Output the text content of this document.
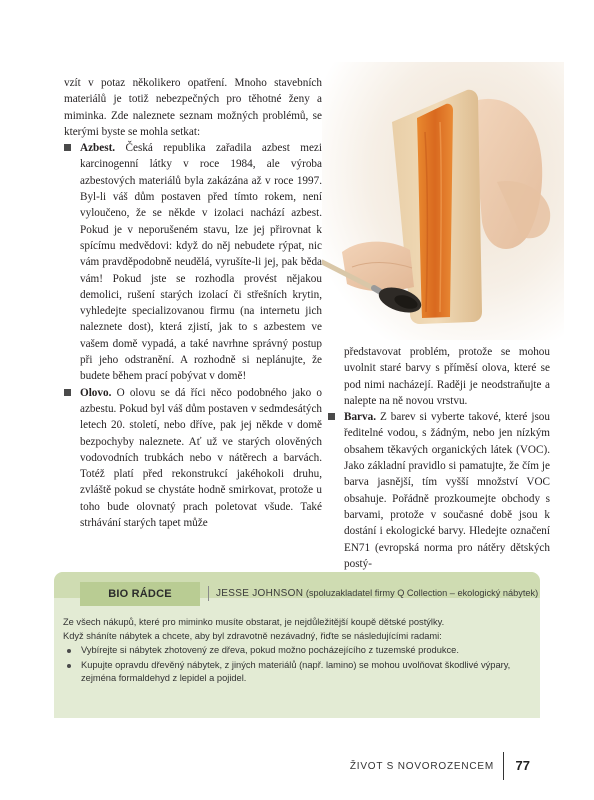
vzít v potaz několikero opatření. Mnoho stavebních materiálů je totiž nebezpečných pro těhotné ženy a miminka. Zde naleznete seznam možných problémů, se kterými byste se mohla setkat:

Azbest. Česká republika zařadila azbest mezi karcinogenní látky v roce 1984, ale výroba azbestových materiálů byla zakázána až v roce 1997. Byl-li váš dům postaven před tímto rokem, není vyloučeno, že se někde v izolaci nachází azbest. Pokud je v neporušeném stavu, lze jej přirovnat k spícímu medvědovi: když do něj nebudete rýpat, nic vám pravděpodobně neudělá, vyrušíte-li jej, pak běda vám! Pokud jste se rozhodla provést nějakou demolici, rušení starých izolací či střešních krytin, vyhledejte specializovanou firmu (na internetu jich naleznete dost), která zjistí, jak to s azbestem ve vašem domě vypadá, a také navrhne správný postup při jeho odstranění. A rozhodně si neplánujte, že budete během prací pobývat v domě!
Olovo. O olovu se dá říci něco podobného jako o azbestu. Pokud byl váš dům postaven v sedmdesátých letech 20. století, nebo dříve, pak jej někde v domě bezpochyby naleznete. Ať už ve starých olověných vodovodních trubkách nebo v nátěrech a barvách. Totéž platí před rekonstrukcí jakéhokoli druhu, zvláště pokud se chystáte hodně smirkovat, protože u toho bude olovnatý prach poletovat všude. Také strhávání starých tapet může

představovat problém, protože se mohou uvolnit staré barvy s příměsí olova, které se pod nimi nacházejí. Raději je neodstraňujte a nalepte na ně novou vrstvu.

Barva. Z barev si vyberte takové, které jsou ředitelné vodou, s žádným, nebo jen nízkým obsahem těkavých organických látek (VOC). Jako základní pravidlo si pamatujte, že čím je barva jasnější, tím vyšší množství VOC obsahuje. Pořádně prozkoumejte obchody s barvami, protože v současné době jsou k dostání i ekologické barvy. Hledejte označení EN71 (evropská norma pro nátěry dětských postý-
BIO RÁDCE	JESSE JOHNSON (spoluzakladatel firmy Q Collection – ekologický nábytek)

Ze všech nákupů, které pro miminko musíte obstarat, je nejdůležitější koupě dětské postýlky.

Když sháníte nábytek a chcete, aby byl zdravotně nezávadný, řiďte se následujícími radami:

Vybírejte si nábytek zhotovený ze dřeva, pokud možno pocházejícího z tuzemské produkce.
Kupujte opravdu dřevěný nábytek, z jiných materiálů (např. lamino) se mohou uvolňovat škodlivé výpary, zejména formaldehyd z lepidel a pojidel.
ŽIVOT S NOVOROZENCEM 77
